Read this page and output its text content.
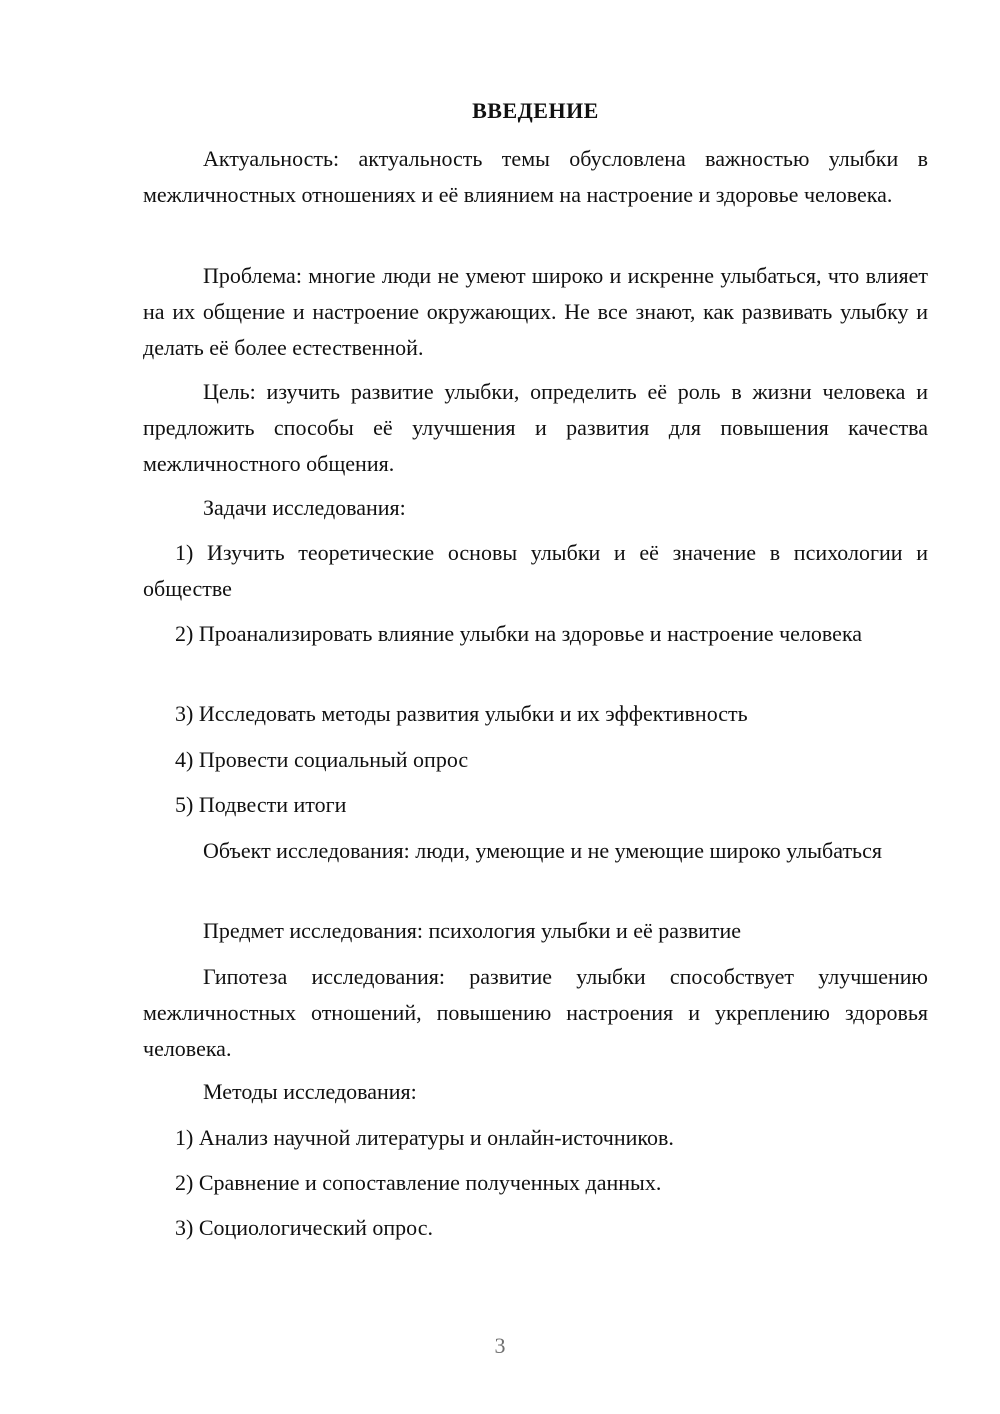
ВВЕДЕНИЕ

Актуальность: актуальность темы обусловлена важностью улыбки в межличностных отношениях и её влиянием на настроение и здоровье человека.

Проблема: многие люди не умеют широко и искренне улыбаться, что влияет на их общение и настроение окружающих. Не все знают, как развивать улыбку и делать её более естественной.

Цель: изучить развитие улыбки, определить её роль в жизни человека и предложить способы её улучшения и развития для повышения качества межличностного общения.

Задачи исследования:

1) Изучить теоретические основы улыбки и её значение в психологии и обществе

2) Проанализировать влияние улыбки на здоровье и настроение человека

3) Исследовать методы развития улыбки и их эффективность

4) Провести социальный опрос

5) Подвести итоги

Объект исследования: люди, умеющие и не умеющие широко улыбаться

Предмет исследования: психология улыбки и её развитие

Гипотеза исследования: развитие улыбки способствует улучшению межличностных отношений, повышению настроения и укреплению здоровья человека.

Методы исследования:

1) Анализ научной литературы и онлайн-источников.

2) Сравнение и сопоставление полученных данных.

3) Социологический опрос.

3
